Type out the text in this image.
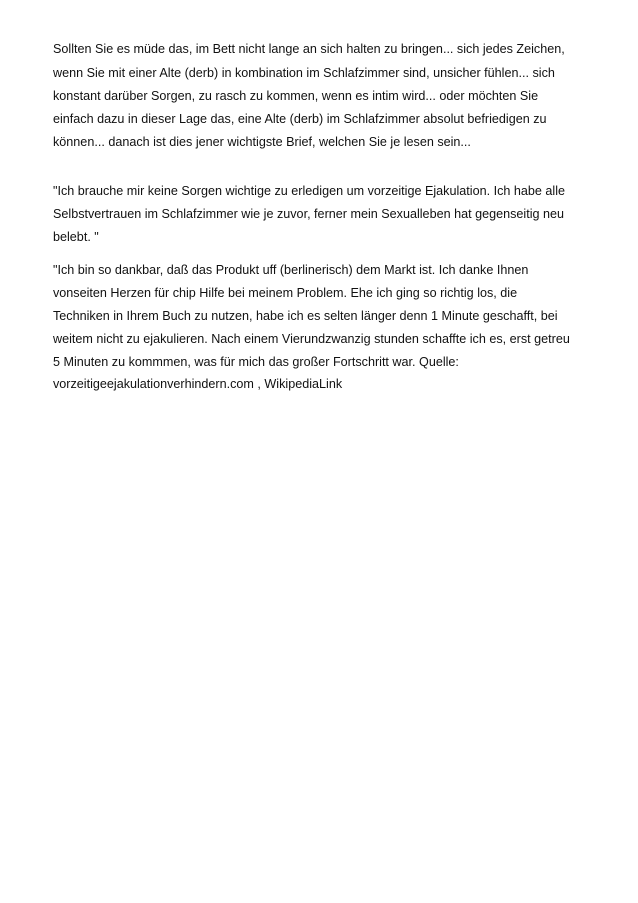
Sollten Sie es müde das, im Bett nicht lange an sich halten zu bringen... sich jedes Zeichen,

wenn Sie mit einer Alte (derb) in kombination im Schlafzimmer sind, unsicher fühlen... sich

konstant darüber Sorgen, zu rasch zu kommen, wenn es intim wird... oder möchten Sie

einfach dazu in dieser Lage das, eine Alte (derb) im Schlafzimmer absolut befriedigen zu

können... danach ist dies jener wichtigste Brief, welchen Sie je lesen sein...

"Ich brauche mir keine Sorgen wichtige zu erledigen um vorzeitige Ejakulation. Ich habe alle

Selbstvertrauen im Schlafzimmer wie je zuvor, ferner mein Sexualleben hat gegenseitig neu

belebt. "

"Ich bin so dankbar, daß das Produkt uff (berlinerisch) dem Markt ist. Ich danke Ihnen

vonseiten Herzen für chip Hilfe bei meinem Problem. Ehe ich ging so richtig los, die

Techniken in Ihrem Buch zu nutzen, habe ich es selten länger denn 1 Minute geschafft, bei

weitem nicht zu ejakulieren. Nach einem Vierundzwanzig stunden schaffte ich es, erst getreu

5 Minuten zu kommmen, was für mich das großer Fortschritt war. Quelle:

vorzeitigeejakulationverhindern.com , WikipediaLink
